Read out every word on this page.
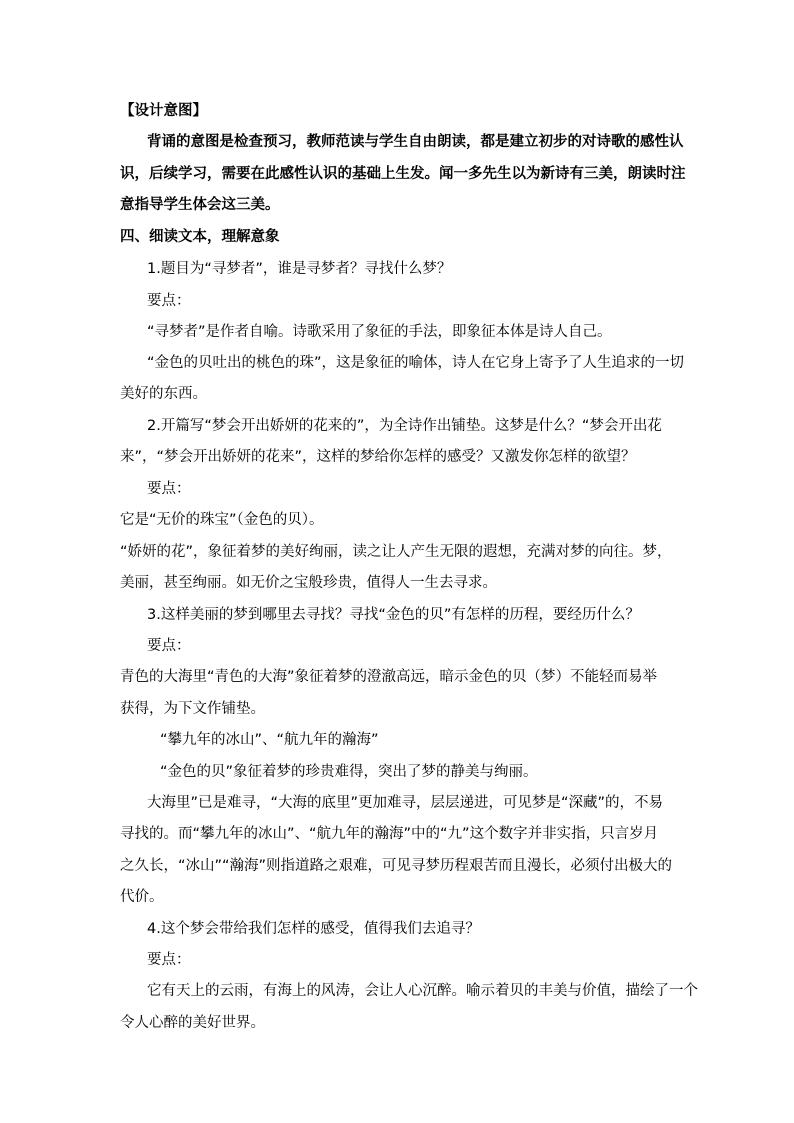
【设计意图】
背诵的意图是检查预习，教师范读与学生自由朗读，都是建立初步的对诗歌的感性认
识，后续学习，需要在此感性认识的基础上生发。闻一多先生以为新诗有三美，朗读时注
意指导学生体会这三美。
四、细读文本，理解意象
1.题目为“寻梦者”，谁是寻梦者？寻找什么梦？
要点：
“寻梦者”是作者自喻。诗歌采用了象征的手法，即象征本体是诗人自己。
“金色的贝吐出的桃色的珠”，这是象征的喻体，诗人在它身上寄予了人生追求的一切
美好的东西。
2.开篇写“梦会开出娇妍的花来的”，为全诗作出铺垫。这梦是什么？“梦会开出花
来”，“梦会开出娇妍的花来”，这样的梦给你怎样的感受？又激发你怎样的欲望？
要点：
它是“无价的珠宝”（金色的贝）。
“娇妍的花”，象征着梦的美好绚丽，读之让人产生无限的遐想，充满对梦的向往。梦，
美丽，甚至绚丽。如无价之宝般珍贵，值得人一生去寻求。
3.这样美丽的梦到哪里去寻找？寻找“金色的贝”有怎样的历程，要经历什么？
要点：
青色的大海里“青色的大海”象征着梦的澄澈高远，暗示金色的贝（梦）不能轻而易举
获得，为下文作铺垫。
“攀九年的冰山”、“航九年的瀚海”
“金色的贝”象征着梦的珍贵难得，突出了梦的静美与绚丽。
大海里”已是难寻，“大海的底里”更加难寻，层层递进，可见梦是“深藏”的，不易
寻找的。而“攀九年的冰山”、“航九年的瀚海”中的“九”这个数字并非实指，只言岁月
之久长，“冰山”“瀚海”则指道路之艰难，可见寻梦历程艰苦而且漫长，必须付出极大的
代价。
4.这个梦会带给我们怎样的感受，值得我们去追寻？
要点：
它有天上的云雨，有海上的风涛，会让人心沉醉。喻示着贝的丰美与价值，描绘了一个
令人心醉的美好世界。
